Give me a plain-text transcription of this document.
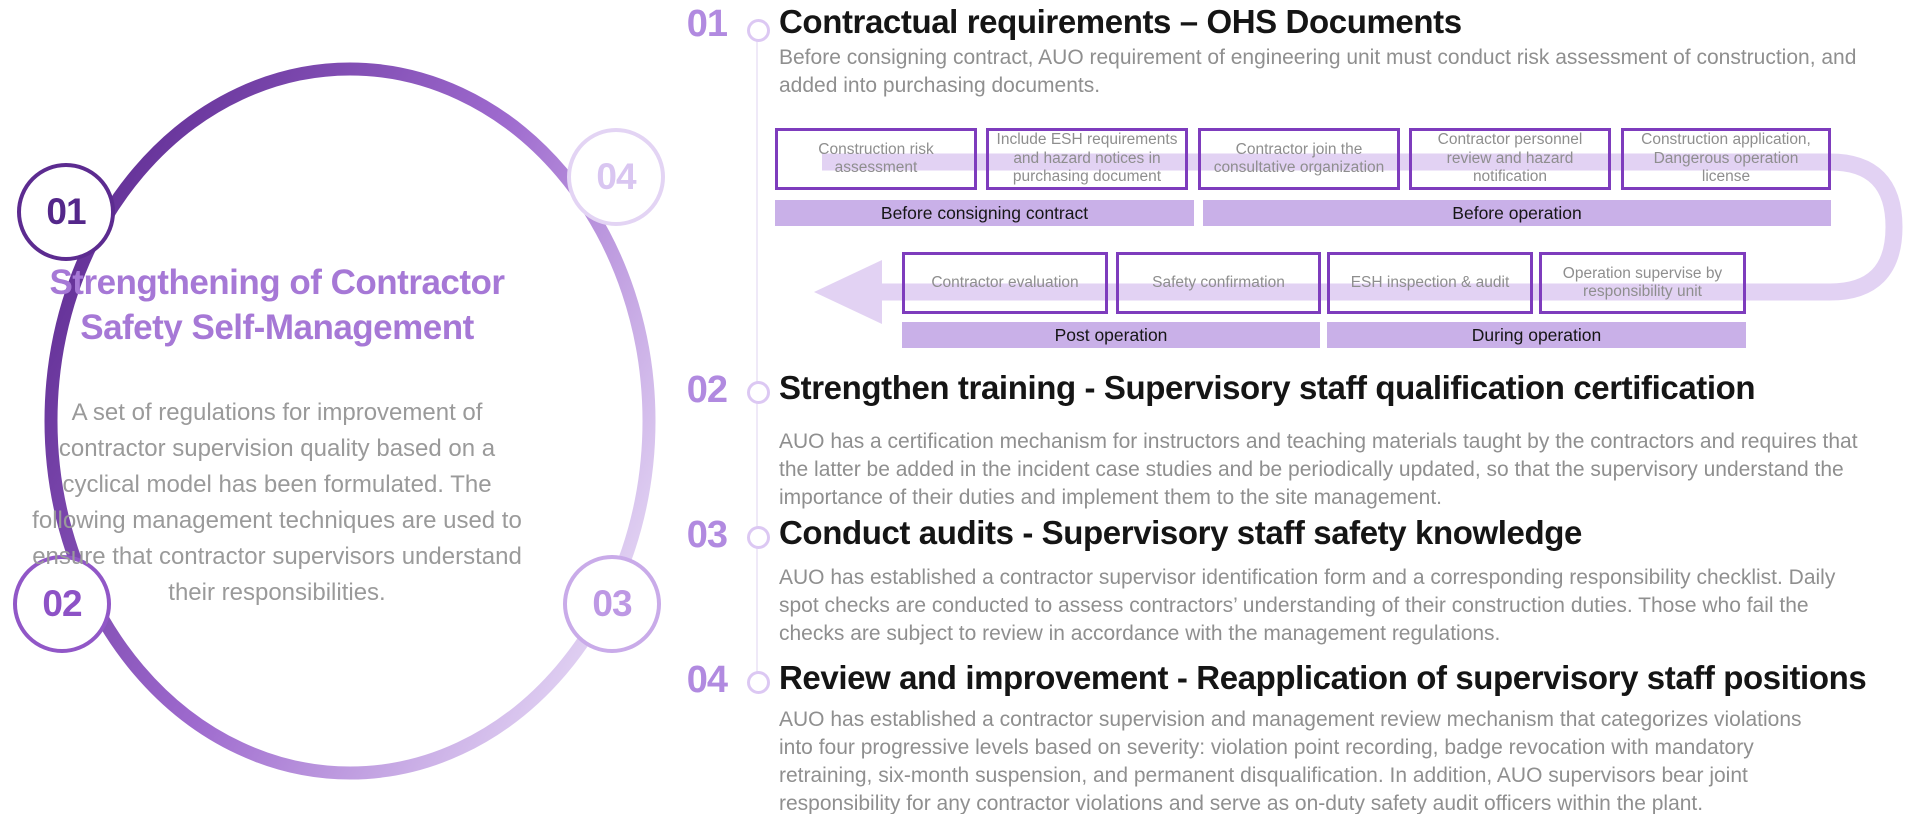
01
02	03
04
Strengthening of Contractor
Safety Self-Management
A set of regulations for improvement of contractor supervision quality based on a cyclical model has been formulated. The following management techniques are used to ensure that contractor supervisors understand their responsibilities.
01 Contractual requirements – OHS Documents
Before consigning contract, AUO requirement of engineering unit must conduct risk assessment of construction, and added into purchasing documents.
Construction risk assessment
Include ESH requirements and hazard notices in purchasing document
Contractor join the consultative organization
Contractor personnel review and hazard notification
Construction application, Dangerous operation license
Before consigning contract	Before operation
Contractor evaluation	Safety confirmation	ESH inspection & audit
Operation supervise by responsibility unit
Post operation	During operation
02 Strengthen training - Supervisory staff qualification certification
AUO has a certification mechanism for instructors and teaching materials taught by the contractors and requires that the latter be added in the incident case studies and be periodically updated, so that the supervisory understand the importance of their duties and implement them to the site management.
03 Conduct audits - Supervisory staff safety knowledge
AUO has established a contractor supervisor identification form and a corresponding responsibility checklist. Daily spot checks are conducted to assess contractors’ understanding of their construction duties. Those who fail the checks are subject to review in accordance with the management regulations.
04 Review and improvement - Reapplication of supervisory staff positions
AUO has established a contractor supervision and management review mechanism that categorizes violations into four progressive levels based on severity: violation point recording, badge revocation with mandatory retraining, six-month suspension, and permanent disqualification. In addition, AUO supervisors bear joint responsibility for any contractor violations and serve as on-duty safety audit officers within the plant.
